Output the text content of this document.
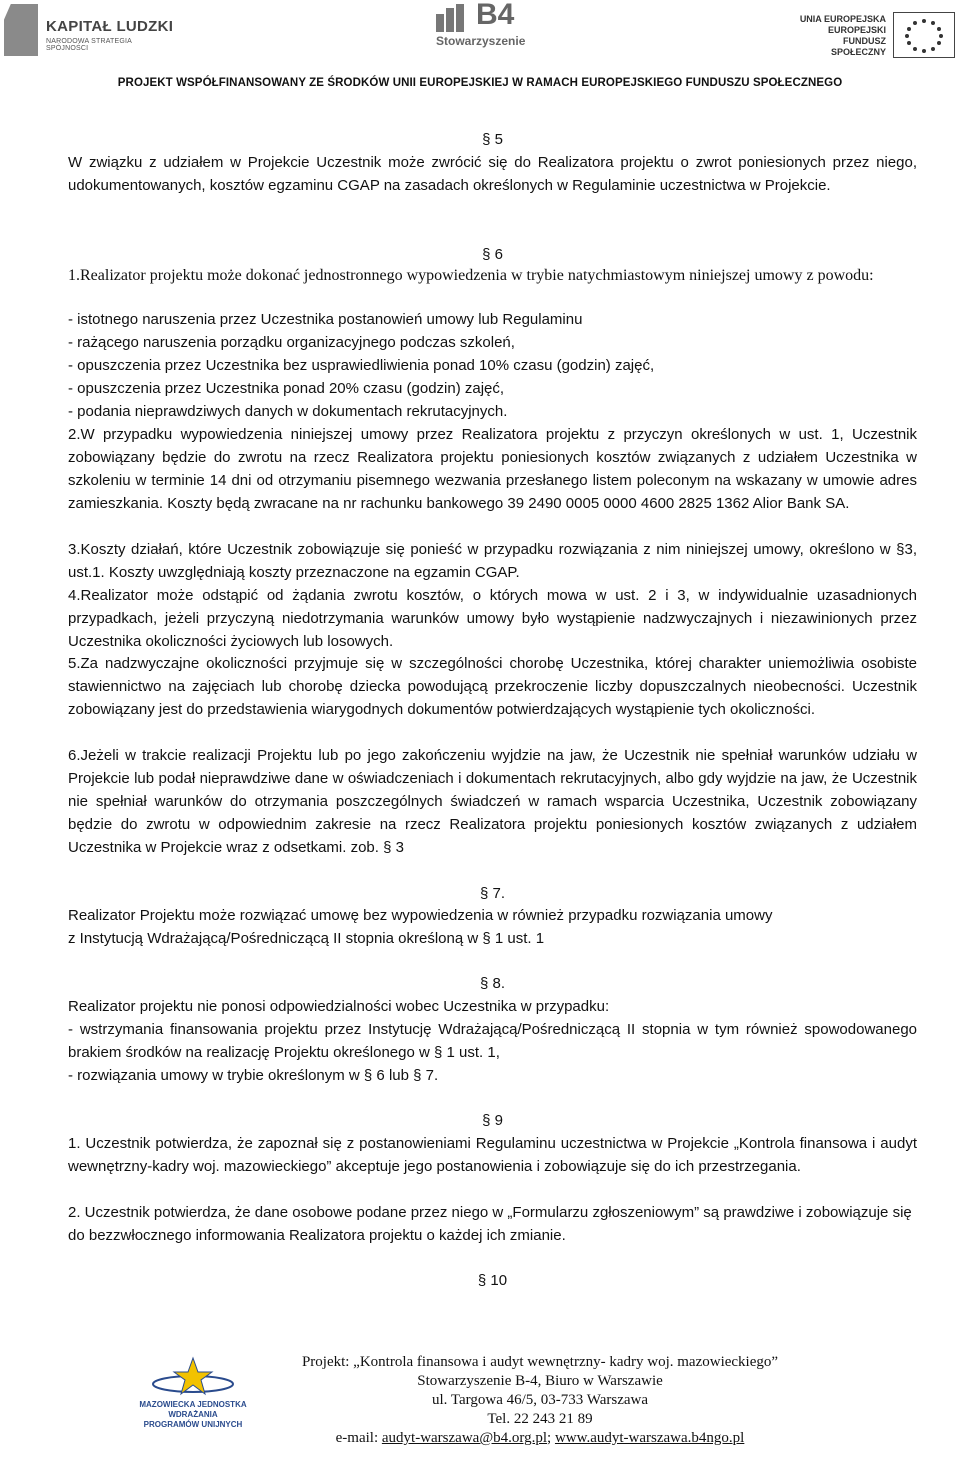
KAPITAŁ LUDZKI
NARODOWA STRATEGIA SPÓJNOŚCI
B4
Stowarzyszenie
UNIA EUROPEJSKA
EUROPEJSKI
FUNDUSZ SPOŁECZNY
PROJEKT WSPÓŁFINANSOWANY ZE ŚRODKÓW UNII EUROPEJSKIEJ W RAMACH EUROPEJSKIEGO FUNDUSZU SPOŁECZNEGO
§ 5

W związku z udziałem w Projekcie Uczestnik może zwrócić się do Realizatora projektu o zwrot poniesionych przez niego, udokumentowanych, kosztów egzaminu CGAP na zasadach określonych w Regulaminie uczestnictwa w Projekcie.

§ 6

1.Realizator projektu może dokonać jednostronnego wypowiedzenia w trybie natychmiastowym niniejszej umowy z powodu:

- istotnego naruszenia przez Uczestnika postanowień umowy lub Regulaminu

- rażącego naruszenia porządku organizacyjnego podczas szkoleń,

- opuszczenia przez Uczestnika bez usprawiedliwienia ponad 10% czasu (godzin) zajęć,

- opuszczenia przez Uczestnika ponad 20% czasu (godzin) zajęć,

- podania nieprawdziwych danych w dokumentach rekrutacyjnych.

2.W przypadku wypowiedzenia niniejszej umowy przez Realizatora projektu z przyczyn określonych w ust. 1, Uczestnik zobowiązany będzie do zwrotu na rzecz Realizatora projektu poniesionych kosztów związanych z udziałem Uczestnika w szkoleniu w terminie 14 dni od otrzymaniu pisemnego wezwania przesłanego listem poleconym na wskazany w umowie adres zamieszkania. Koszty będą zwracane na nr rachunku bankowego 39 2490 0005 0000 4600 2825 1362 Alior Bank SA.

3.Koszty działań, które Uczestnik zobowiązuje się ponieść w przypadku rozwiązania z nim niniejszej umowy, określono w §3, ust.1. Koszty uwzględniają koszty przeznaczone na egzamin CGAP.

4.Realizator może odstąpić od żądania zwrotu kosztów, o których mowa w ust. 2 i 3, w indywidualnie uzasadnionych przypadkach, jeżeli przyczyną niedotrzymania warunków umowy było wystąpienie nadzwyczajnych i niezawinionych przez Uczestnika okoliczności życiowych lub losowych.

5.Za nadzwyczajne okoliczności przyjmuje się w szczególności chorobę Uczestnika, której charakter uniemożliwia osobiste stawiennictwo na zajęciach lub chorobę dziecka powodującą przekroczenie liczby dopuszczalnych nieobecności. Uczestnik zobowiązany jest do przedstawienia wiarygodnych dokumentów potwierdzających wystąpienie tych okoliczności.

6.Jeżeli w trakcie realizacji Projektu lub po jego zakończeniu wyjdzie na jaw, że Uczestnik nie spełniał warunków udziału w Projekcie lub podał nieprawdziwe dane w oświadczeniach i dokumentach rekrutacyjnych, albo gdy wyjdzie na jaw, że Uczestnik nie spełniał warunków do otrzymania poszczególnych świadczeń w ramach wsparcia Uczestnika, Uczestnik zobowiązany będzie do zwrotu w odpowiednim zakresie na rzecz Realizatora projektu poniesionych kosztów związanych z udziałem Uczestnika w Projekcie wraz z odsetkami. zob. § 3

§ 7.

Realizator Projektu może rozwiązać umowę bez wypowiedzenia w również przypadku rozwiązania umowy

z Instytucją Wdrażającą/Pośredniczącą II stopnia określoną w § 1 ust. 1

§ 8.

Realizator projektu nie ponosi odpowiedzialności wobec Uczestnika w przypadku:

- wstrzymania finansowania projektu przez Instytucję Wdrażającą/Pośredniczącą II stopnia w tym również spowodowanego brakiem środków na realizację Projektu określonego w § 1 ust. 1,

- rozwiązania umowy w trybie określonym w § 6 lub § 7.

§ 9

1. Uczestnik potwierdza, że zapoznał się z postanowieniami Regulaminu uczestnictwa w Projekcie „Kontrola finansowa i audyt wewnętrzny-kadry woj. mazowieckiego” akceptuje jego postanowienia i zobowiązuje się do ich przestrzegania.

2. Uczestnik potwierdza, że dane osobowe podane przez niego w „Formularzu zgłoszeniowym” są prawdziwe i zobowiązuje się do bezzwłocznego informowania Realizatora projektu o każdej ich zmianie.

§ 10
MAZOWIECKA JEDNOSTKA
WDRAŻANIA
PROGRAMÓW UNIJNYCH
Projekt: „Kontrola finansowa i audyt wewnętrzny- kadry woj. mazowieckiego”
Stowarzyszenie B-4, Biuro w Warszawie
ul. Targowa 46/5, 03-733 Warszawa
Tel. 22 243 21 89
e-mail: audyt-warszawa@b4.org.pl; www.audyt-warszawa.b4ngo.pl
